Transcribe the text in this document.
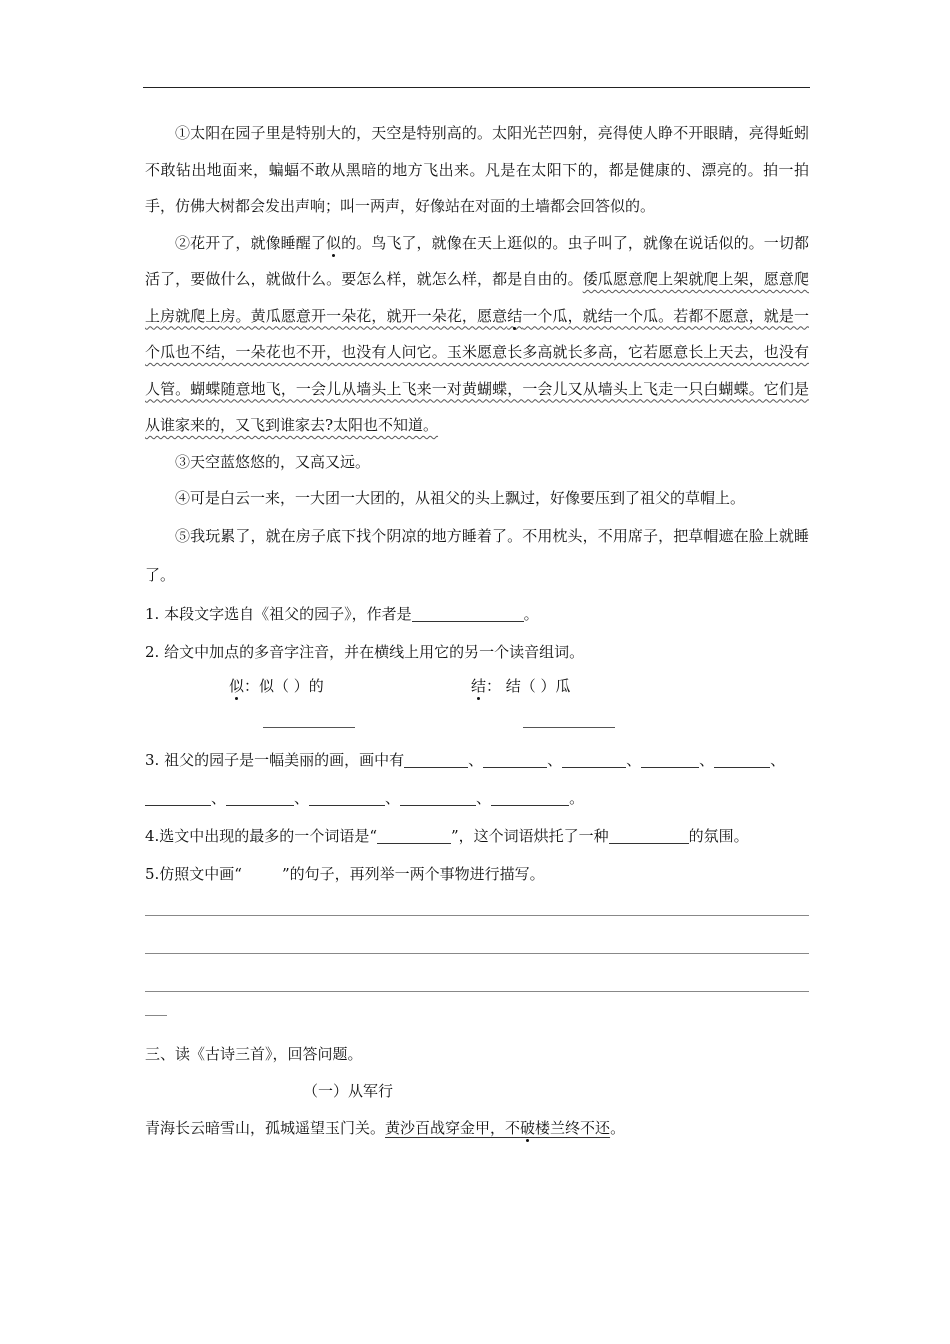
①太阳在园子里是特别大的，天空是特别高的。太阳光芒四射，亮得使人睁不开眼睛，亮得蚯蚓不敢钻出地面来，蝙蝠不敢从黑暗的地方飞出来。凡是在太阳下的，都是健康的、漂亮的。拍一拍手，仿佛大树都会发出声响；叫一两声，好像站在对面的土墙都会回答似的。

②花开了，就像睡醒了似的。鸟飞了，就像在天上逛似的。虫子叫了，就像在说话似的。一切都活了，要做什么，就做什么。要怎么样，就怎么样，都是自由的。倭瓜愿意爬上架就爬上架，愿意爬上房就爬上房。黄瓜愿意开一朵花，就开一朵花，愿意结一个瓜，就结一个瓜。若都不愿意，就是一个瓜也不结，一朵花也不开，也没有人问它。玉米愿意长多高就长多高，它若愿意长上天去，也没有人管。蝴蝶随意地飞，一会儿从墙头上飞来一对黄蝴蝶，一会儿又从墙头上飞走一只白蝴蝶。它们是从谁家来的，又飞到谁家去?太阳也不知道。

③天空蓝悠悠的，又高又远。

④可是白云一来，一大团一大团的，从祖父的头上飘过，好像要压到了祖父的草帽上。

⑤我玩累了，就在房子底下找个阴凉的地方睡着了。不用枕头，不用席子，把草帽遮在脸上就睡了。

1. 本段文字选自《祖父的园子》，作者是	。

2. 给文中加点的多音字注音，并在横线上用它的另一个读音组词。

似：似（ ）的	结： 结（ ）瓜

3. 祖父的园子是一幅美丽的画，画中有	、	、	、	、	、

、	、	、	、	。

4.选文中出现的最多的一个词语是“	”，这个词语烘托了一种	的氛围。

5.仿照文中画“	”的句子，再列举一两个事物进行描写。

三、读《古诗三首》，回答问题。

（一）从军行

青海长云暗雪山，孤城遥望玉门关。黄沙百战穿金甲，不破楼兰终不还。
